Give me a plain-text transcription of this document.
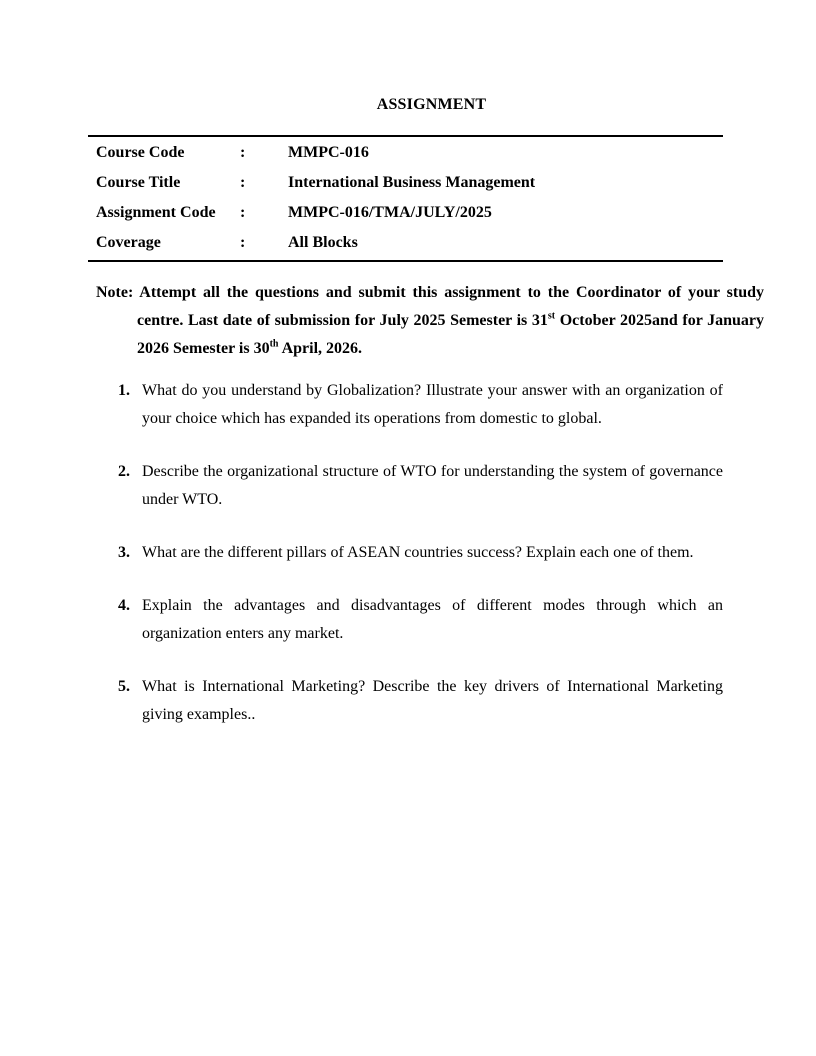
ASSIGNMENT
Course Code	:	MMPC-016
Course Title	:	International Business Management
Assignment Code	:	MMPC-016/TMA/JULY/2025
Coverage	:	All Blocks

Note: Attempt all the questions and submit this assignment to the Coordinator of your study centre. Last date of submission for July 2025 Semester is 31st October 2025and for January 2026 Semester is 30th April, 2026.

1. What do you understand by Globalization? Illustrate your answer with an organization of your choice which has expanded its operations from domestic to global.
2. Describe the organizational structure of WTO for understanding the system of governance under WTO.
3. What are the different pillars of ASEAN countries success? Explain each one of them.
4. Explain the advantages and disadvantages of different modes through which an organization enters any market.
5. What is International Marketing? Describe the key drivers of International Marketing giving examples..
